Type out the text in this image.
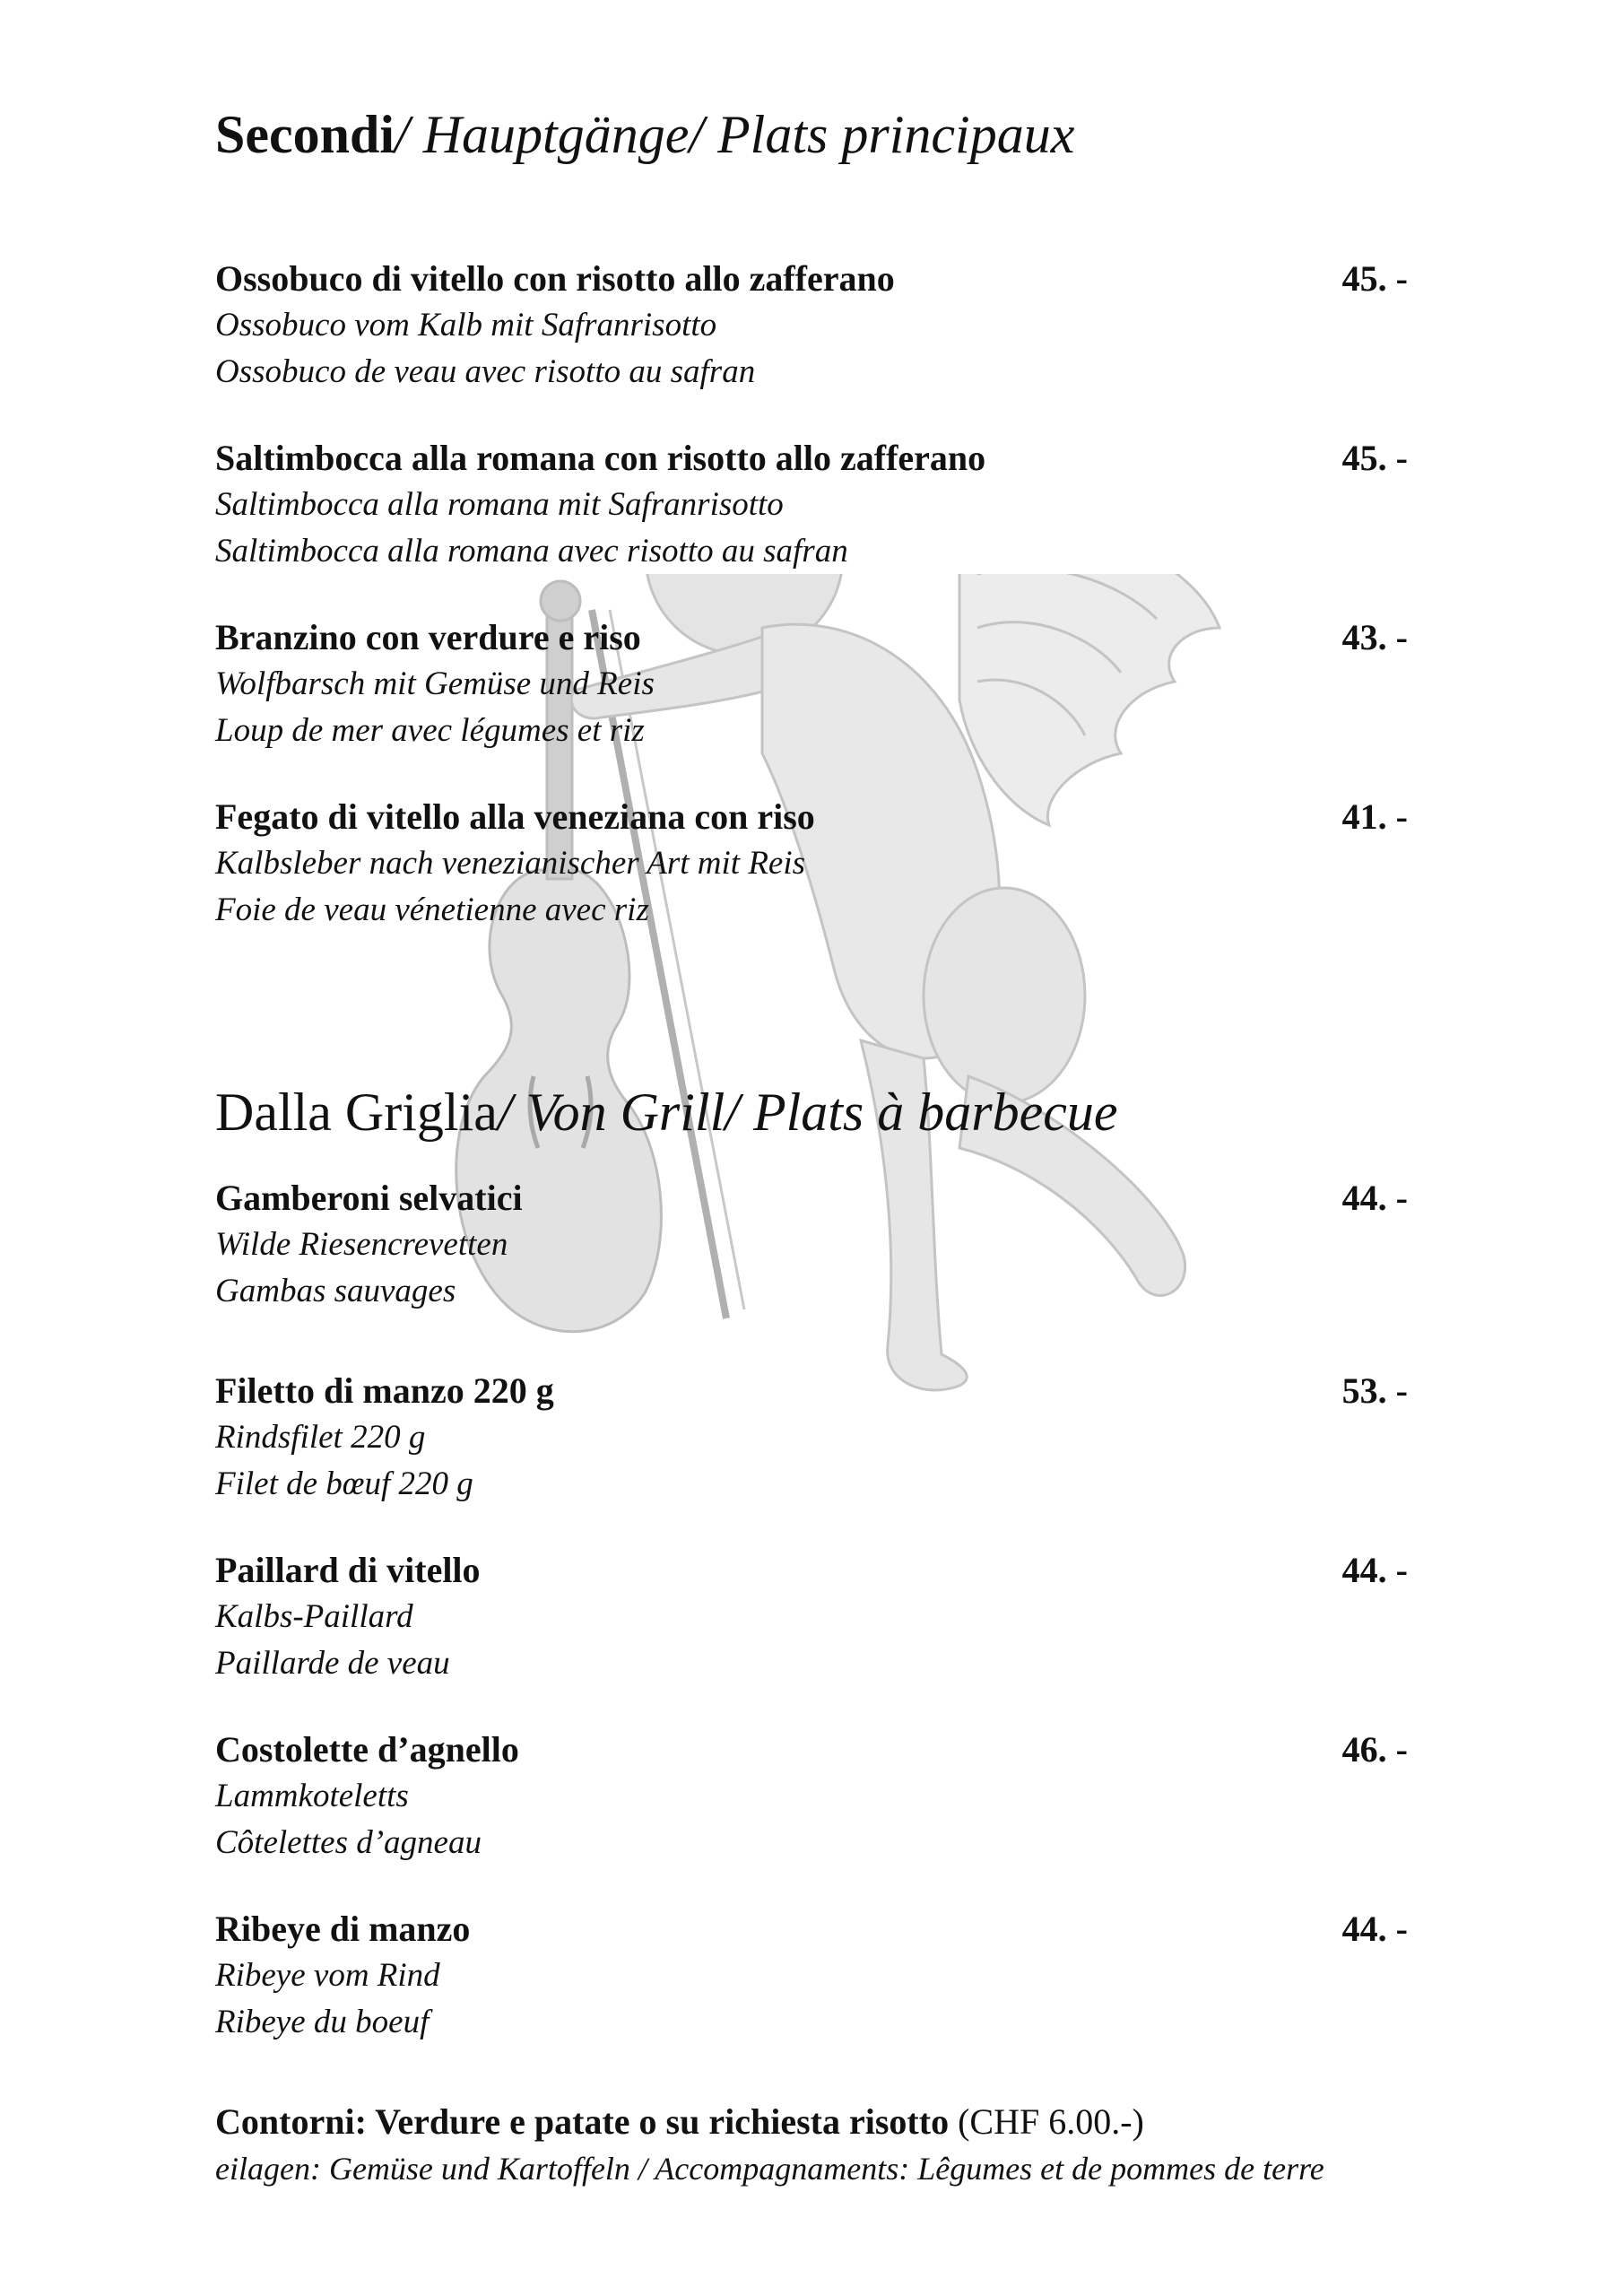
Secondi/ Hauptgänge/ Plats principaux
Ossobuco di vitello con risotto allo zafferano
Ossobuco vom Kalb mit Safranrisotto
Ossobuco de veau avec risotto au safran
45. -
Saltimbocca alla romana con risotto allo zafferano
Saltimbocca alla romana mit Safranrisotto
Saltimbocca alla romana avec risotto au safran
45. -
Branzino con verdure e riso
Wolfbarsch mit Gemüse und Reis
Loup de mer avec légumes et riz
43. -
Fegato di vitello alla veneziana con riso
Kalbsleber nach venezianischer Art mit Reis
Foie de veau vénetienne avec riz
41. -
Dalla Griglia/ Von Grill/ Plats à barbecue
Gamberoni selvatici
Wilde Riesencrevetten
Gambas sauvages
44. -
Filetto di manzo 220 g
Rindsfilet 220 g
Filet de bœuf 220 g
53. -
Paillard di vitello
Kalbs-Paillard
Paillarde de veau
44. -
Costolette d’agnello
Lammkoteletts
Côtelettes d’agneau
46. -
Ribeye di manzo
Ribeye vom Rind
Ribeye du boeuf
44. -
Contorni: Verdure e patate o su richiesta risotto (CHF 6.00.-)
eilagen: Gemüse und Kartoffeln / Accompagnaments: Lêgumes et de pommes de terre
